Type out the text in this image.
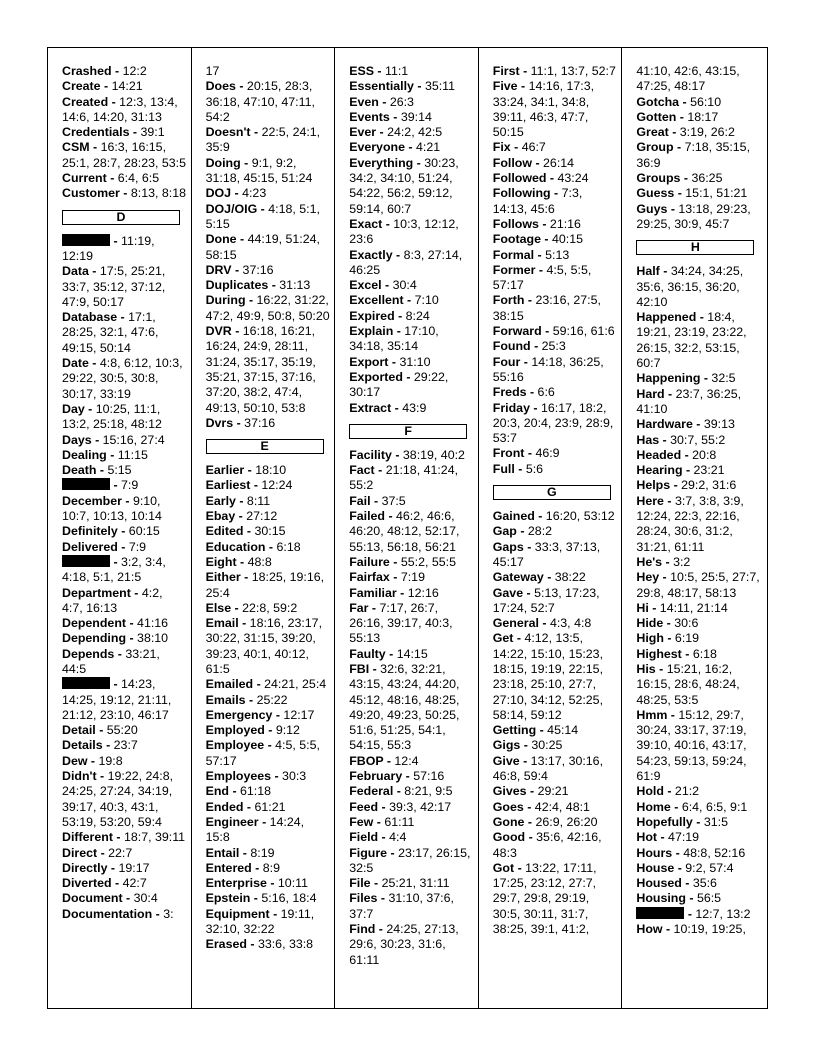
Crashed - 12:2
Create - 14:21
Created - 12:3, 13:4, 14:6, 14:20, 31:13
Credentials - 39:1
CSM - 16:3, 16:15, 25:1, 28:7, 28:23, 53:5
Current - 6:4, 6:5
Customer - 8:13, 8:18
D
- 11:19, 12:19
Data - 17:5, 25:21, 33:7, 35:12, 37:12, 47:9, 50:17
Database - 17:1, 28:25, 32:1, 47:6, 49:15, 50:14
Date - 4:8, 6:12, 10:3, 29:22, 30:5, 30:8, 30:17, 33:19
Day - 10:25, 11:1, 13:2, 25:18, 48:12
Days - 15:16, 27:4
Dealing - 11:15
Death - 5:15
- 7:9
December - 9:10, 10:7, 10:13, 10:14
Definitely - 60:15
Delivered - 7:9
- 3:2, 3:4, 4:18, 5:1, 21:5
Department - 4:2, 4:7, 16:13
Dependent - 41:16
Depending - 38:10
Depends - 33:21, 44:5
- 14:23, 14:25, 19:12, 21:11, 21:12, 23:10, 46:17
Detail - 55:20
Details - 23:7
Dew - 19:8
Didn't - 19:22, 24:8, 24:25, 27:24, 34:19, 39:17, 40:3, 43:1, 53:19, 53:20, 59:4
Different - 18:7, 39:11
Direct - 22:7
Directly - 19:17
Diverted - 42:7
Document - 30:4
Documentation - 3:
17
Does - 20:15, 28:3, 36:18, 47:10, 47:11, 54:2
Doesn't - 22:5, 24:1, 35:9
Doing - 9:1, 9:2, 31:18, 45:15, 51:24
DOJ - 4:23
DOJ/OIG - 4:18, 5:1, 5:15
Done - 44:19, 51:24, 58:15
DRV - 37:16
Duplicates - 31:13
During - 16:22, 31:22, 47:2, 49:9, 50:8, 50:20
DVR - 16:18, 16:21, 16:24, 24:9, 28:11, 31:24, 35:17, 35:19, 35:21, 37:15, 37:16, 37:20, 38:2, 47:4, 49:13, 50:10, 53:8
Dvrs - 37:16
E
Earlier - 18:10
Earliest - 12:24
Early - 8:11
Ebay - 27:12
Edited - 30:15
Education - 6:18
Eight - 48:8
Either - 18:25, 19:16, 25:4
Else - 22:8, 59:2
Email - 18:16, 23:17, 30:22, 31:15, 39:20, 39:23, 40:1, 40:12, 61:5
Emailed - 24:21, 25:4
Emails - 25:22
Emergency - 12:17
Employed - 9:12
Employee - 4:5, 5:5, 57:17
Employees - 30:3
End - 61:18
Ended - 61:21
Engineer - 14:24, 15:8
Entail - 8:19
Entered - 8:9
Enterprise - 10:11
Epstein - 5:16, 18:4
Equipment - 19:11, 32:10, 32:22
Erased - 33:6, 33:8
ESS - 11:1
Essentially - 35:11
Even - 26:3
Events - 39:14
Ever - 24:2, 42:5
Everyone - 4:21
Everything - 30:23, 34:2, 34:10, 51:24, 54:22, 56:2, 59:12, 59:14, 60:7
Exact - 10:3, 12:12, 23:6
Exactly - 8:3, 27:14, 46:25
Excel - 30:4
Excellent - 7:10
Expired - 8:24
Explain - 17:10, 34:18, 35:14
Export - 31:10
Exported - 29:22, 30:17
Extract - 43:9
F
Facility - 38:19, 40:2
Fact - 21:18, 41:24, 55:2
Fail - 37:5
Failed - 46:2, 46:6, 46:20, 48:12, 52:17, 55:13, 56:18, 56:21
Failure - 55:2, 55:5
Fairfax - 7:19
Familiar - 12:16
Far - 7:17, 26:7, 26:16, 39:17, 40:3, 55:13
Faulty - 14:15
FBI - 32:6, 32:21, 43:15, 43:24, 44:20, 45:12, 48:16, 48:25, 49:20, 49:23, 50:25, 51:6, 51:25, 54:1, 54:15, 55:3
FBOP - 12:4
February - 57:16
Federal - 8:21, 9:5
Feed - 39:3, 42:17
Few - 61:11
Field - 4:4
Figure - 23:17, 26:15, 32:5
File - 25:21, 31:11
Files - 31:10, 37:6, 37:7
Find - 24:25, 27:13, 29:6, 30:23, 31:6, 61:11
First - 11:1, 13:7, 52:7
Five - 14:16, 17:3, 33:24, 34:1, 34:8, 39:11, 46:3, 47:7, 50:15
Fix - 46:7
Follow - 26:14
Followed - 43:24
Following - 7:3, 14:13, 45:6
Follows - 21:16
Footage - 40:15
Formal - 5:13
Former - 4:5, 5:5, 57:17
Forth - 23:16, 27:5, 38:15
Forward - 59:16, 61:6
Found - 25:3
Four - 14:18, 36:25, 55:16
Freds - 6:6
Friday - 16:17, 18:2, 20:3, 20:4, 23:9, 28:9, 53:7
Front - 46:9
Full - 5:6
G
Gained - 16:20, 53:12
Gap - 28:2
Gaps - 33:3, 37:13, 45:17
Gateway - 38:22
Gave - 5:13, 17:23, 17:24, 52:7
General - 4:3, 4:8
Get - 4:12, 13:5, 14:22, 15:10, 15:23, 18:15, 19:19, 22:15, 23:18, 25:10, 27:7, 27:10, 34:12, 52:25, 58:14, 59:12
Getting - 45:14
Gigs - 30:25
Give - 13:17, 30:16, 46:8, 59:4
Gives - 29:21
Goes - 42:4, 48:1
Gone - 26:9, 26:20
Good - 35:6, 42:16, 48:3
Got - 13:22, 17:11, 17:25, 23:12, 27:7, 29:7, 29:8, 29:19, 30:5, 30:11, 31:7, 38:25, 39:1, 41:2,
41:10, 42:6, 43:15, 47:25, 48:17
Gotcha - 56:10
Gotten - 18:17
Great - 3:19, 26:2
Group - 7:18, 35:15, 36:9
Groups - 36:25
Guess - 15:1, 51:21
Guys - 13:18, 29:23, 29:25, 30:9, 45:7
H
Half - 34:24, 34:25, 35:6, 36:15, 36:20, 42:10
Happened - 18:4, 19:21, 23:19, 23:22, 26:15, 32:2, 53:15, 60:7
Happening - 32:5
Hard - 23:7, 36:25, 41:10
Hardware - 39:13
Has - 30:7, 55:2
Headed - 20:8
Hearing - 23:21
Helps - 29:2, 31:6
Here - 3:7, 3:8, 3:9, 12:24, 22:3, 22:16, 28:24, 30:6, 31:2, 31:21, 61:11
He's - 3:2
Hey - 10:5, 25:5, 27:7, 29:8, 48:17, 58:13
Hi - 14:11, 21:14
Hide - 30:6
High - 6:19
Highest - 6:18
His - 15:21, 16:2, 16:15, 28:6, 48:24, 48:25, 53:5
Hmm - 15:12, 29:7, 30:24, 33:17, 37:19, 39:10, 40:16, 43:17, 54:23, 59:13, 59:24, 61:9
Hold - 21:2
Home - 6:4, 6:5, 9:1
Hopefully - 31:5
Hot - 47:19
Hours - 48:8, 52:16
House - 9:2, 57:4
Housed - 35:6
Housing - 56:5
- 12:7, 13:2
How - 10:19, 19:25,
